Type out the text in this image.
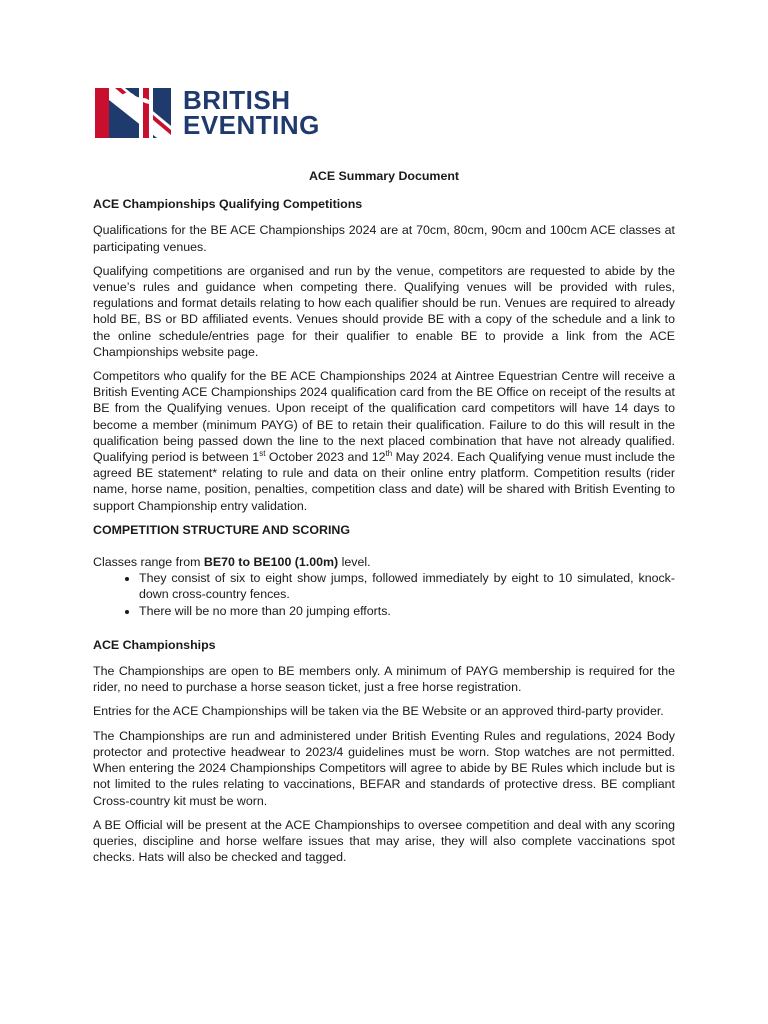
BRITISH
EVENTING
ACE Summary Document
ACE Championships Qualifying Competitions

Qualifications for the BE ACE Championships 2024 are at 70cm, 80cm, 90cm and 100cm ACE classes at participating venues.

Qualifying competitions are organised and run by the venue, competitors are requested to abide by the venue’s rules and guidance when competing there. Qualifying venues will be provided with rules, regulations and format details relating to how each qualifier should be run. Venues are required to already hold BE, BS or BD affiliated events. Venues should provide BE with a copy of the schedule and a link to the online schedule/entries page for their qualifier to enable BE to provide a link from the ACE Championships website page.

Competitors who qualify for the BE ACE Championships 2024 at Aintree Equestrian Centre will receive a British Eventing ACE Championships 2024 qualification card from the BE Office on receipt of the results at BE from the Qualifying venues. Upon receipt of the qualification card competitors will have 14 days to become a member (minimum PAYG) of BE to retain their qualification. Failure to do this will result in the qualification being passed down the line to the next placed combination that have not already qualified. Qualifying period is between 1st October 2023 and 12th May 2024. Each Qualifying venue must include the agreed BE statement* relating to rule and data on their online entry platform. Competition results (rider name, horse name, position, penalties, competition class and date) will be shared with British Eventing to support Championship entry validation.

COMPETITION STRUCTURE AND SCORING
Classes range from BE70 to BE100 (1.00m) level.
• They consist of six to eight show jumps, followed immediately by eight to 10 simulated, knock-down cross-country fences.
• There will be no more than 20 jumping efforts.
ACE Championships

The Championships are open to BE members only. A minimum of PAYG membership is required for the rider, no need to purchase a horse season ticket, just a free horse registration.

Entries for the ACE Championships will be taken via the BE Website or an approved third-party provider.

The Championships are run and administered under British Eventing Rules and regulations, 2024 Body protector and protective headwear to 2023/4 guidelines must be worn. Stop watches are not permitted. When entering the 2024 Championships Competitors will agree to abide by BE Rules which include but is not limited to the rules relating to vaccinations, BEFAR and standards of protective dress. BE compliant Cross-country kit must be worn.

A BE Official will be present at the ACE Championships to oversee competition and deal with any scoring queries, discipline and horse welfare issues that may arise, they will also complete vaccinations spot checks. Hats will also be checked and tagged.
